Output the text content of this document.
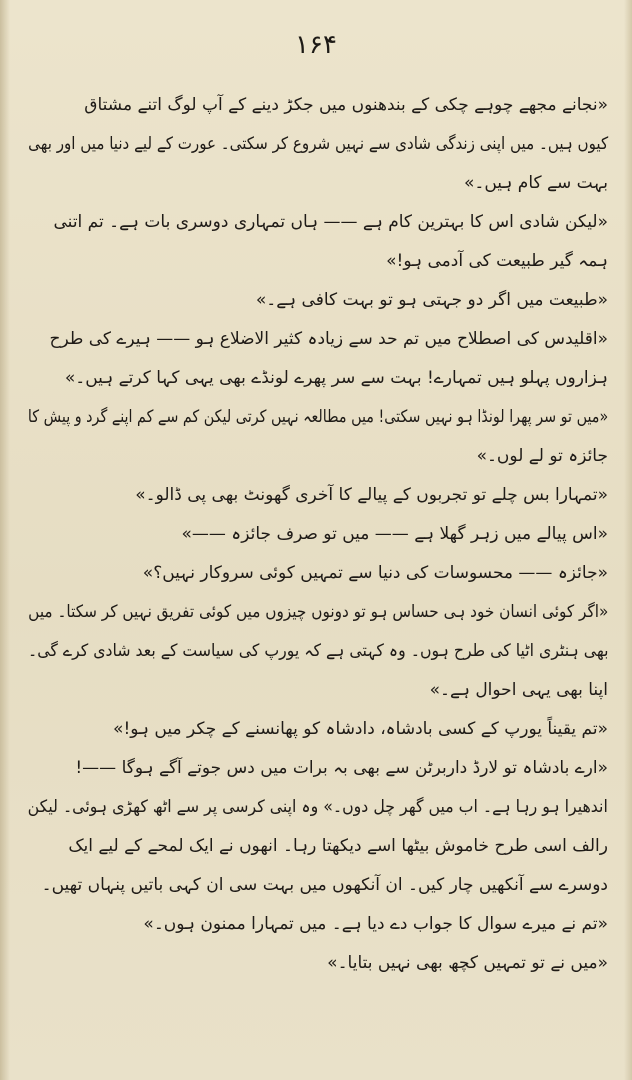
۱۶۴
«نجانے مجھے چوہے چکی کے بندھنوں میں جکڑ دینے کے آپ لوگ اتنے مشتاق
کیوں ہیں۔ میں اپنی زندگی شادی سے نہیں شروع کر سکتی۔ عورت کے لیے دنیا میں اور بھی
بہت سے کام ہیں۔»
«لیکن شادی اس کا بہترین کام ہے —— ہاں تمہاری دوسری بات ہے۔ تم اتنی
ہمہ گیر طبیعت کی آدمی ہو!»
«طبیعت میں اگر دو جہتی ہو تو بہت کافی ہے۔»
«اقلیدس کی اصطلاح میں تم حد سے زیادہ کثیر الاضلاع ہو —— ہیرے کی طرح
ہزاروں پہلو ہیں تمہارے! بہت سے سر پھرے لونڈے بھی یہی کہا کرتے ہیں۔»
«میں تو سر پھرا لونڈا ہو نہیں سکتی! میں مطالعہ نہیں کرتی لیکن کم سے کم اپنے گرد و پیش کا
جائزہ تو لے لوں۔»
«تمہارا بس چلے تو تجربوں کے پیالے کا آخری گھونٹ بھی پی ڈالو۔»
«اس پیالے میں زہر گھلا ہے —— میں تو صرف جائزہ ——»
«جائزہ —— محسوسات کی دنیا سے تمہیں کوئی سروکار نہیں؟»
«اگر کوئی انسان خود ہی حساس ہو تو دونوں چیزوں میں کوئی تفریق نہیں کر سکتا۔ میں
بھی ہنٹری اٹیا کی طرح ہوں۔ وہ کہتی ہے کہ یورپ کی سیاست کے بعد شادی کرے گی۔
اپنا بھی یہی احوال ہے۔»
«تم یقیناً یورپ کے کسی بادشاہ، دادشاہ کو پھانسنے کے چکر میں ہو!»
«ارے بادشاہ تو لارڈ داربرٹن سے بھی بہ برات میں دس جوتے آگے ہوگا ——!
اندھیرا ہو رہا ہے۔ اب میں گھر چل دوں۔» وہ اپنی کرسی پر سے اٹھ کھڑی ہوئی۔ لیکن
رالف اسی طرح خاموش بیٹھا اسے دیکھتا رہا۔ انھوں نے ایک لمحے کے لیے ایک
دوسرے سے آنکھیں چار کیں۔ ان آنکھوں میں بہت سی ان کہی باتیں پنہاں تھیں۔
«تم نے میرے سوال کا جواب دے دیا ہے۔ میں تمہارا ممنون ہوں۔»
«میں نے تو تمہیں کچھ بھی نہیں بتایا۔»
